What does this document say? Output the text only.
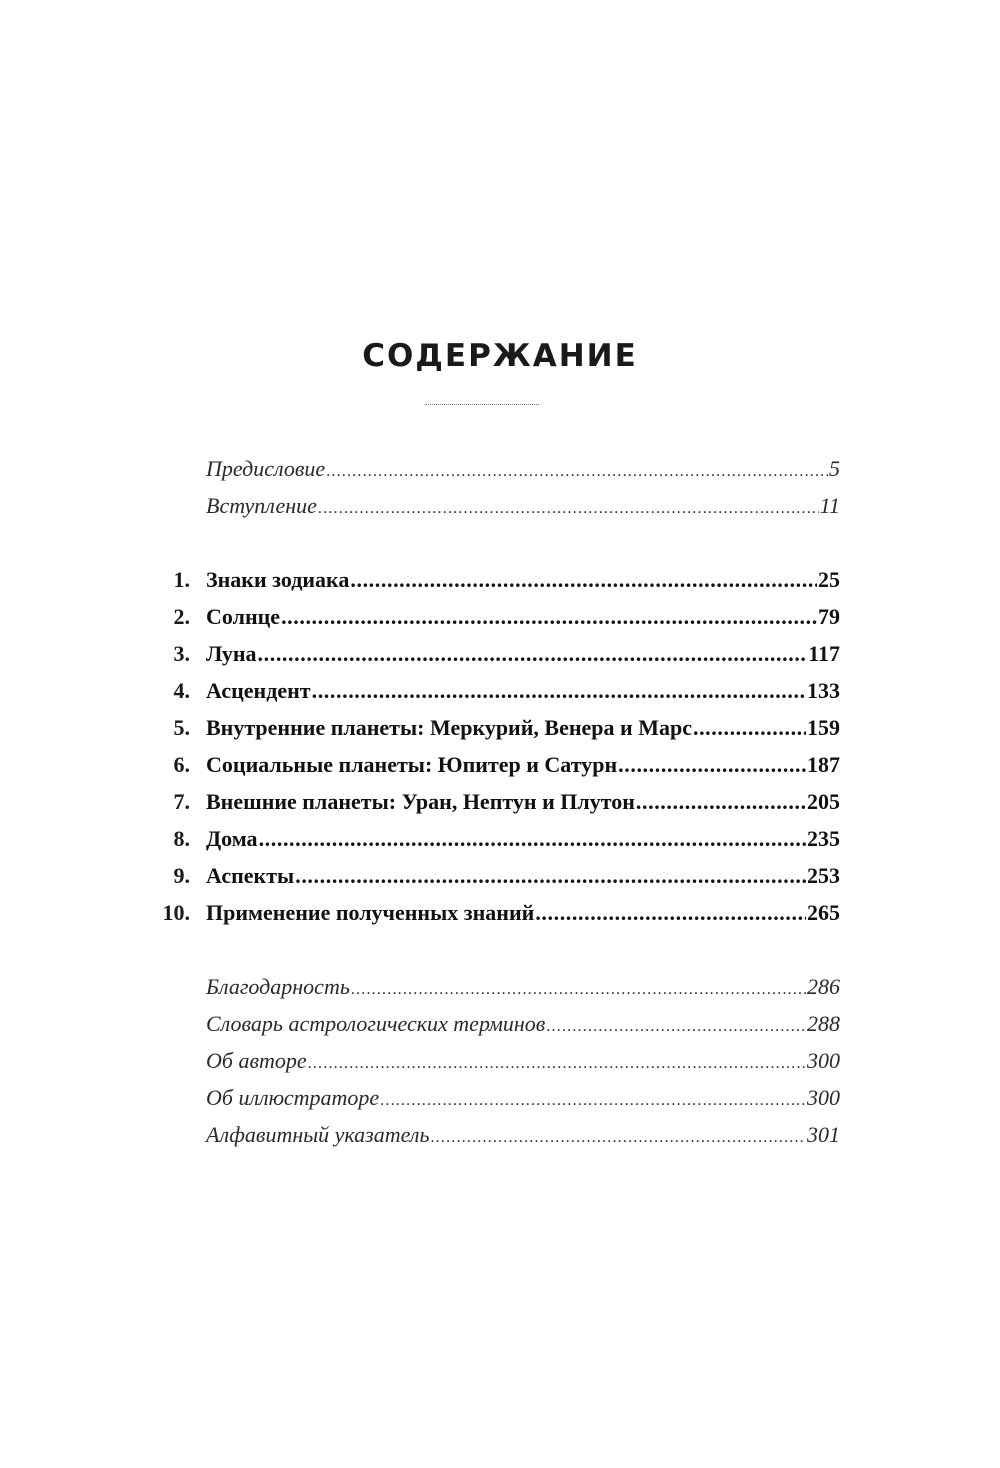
СОДЕРЖАНИЕ
Предисловие .....	5
Вступление .....	11
1. Знаки зодиака .....	25
2. Солнце .....	79
3. Луна .....	117
4. Асцендент .....	133
5. Внутренние планеты: Меркурий, Венера и Марс .....	159
6. Социальные планеты: Юпитер и Сатурн .....	187
7. Внешние планеты: Уран, Нептун и Плутон .....	205
8. Дома .....	235
9. Аспекты .....	253
10. Применение полученных знаний .....	265
Благодарность .....	286
Словарь астрологических терминов .....	288
Об авторе .....	300
Об иллюстраторе .....	300
Алфавитный указатель .....	301
